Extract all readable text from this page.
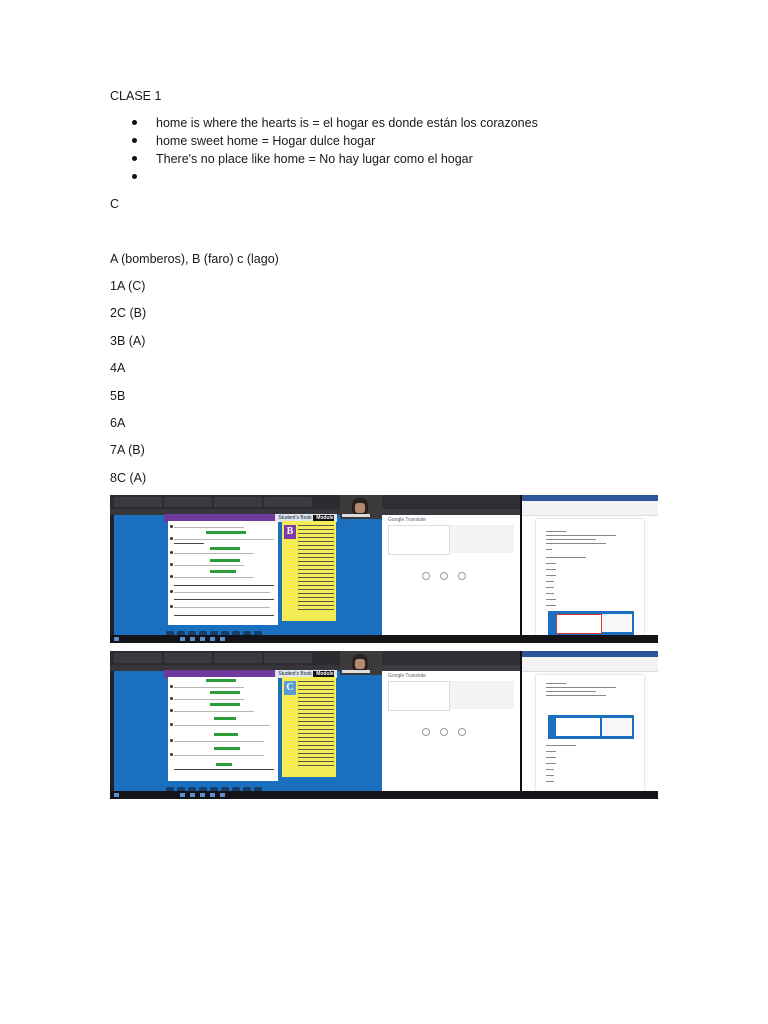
CLASE 1
home is where the hearts is = el hogar es donde están los corazones
home sweet home = Hogar dulce hogar
There's no place like home = No hay lugar como el hogar
C
A (bomberos), B (faro) c (lago)
1A (C)
2C (B)
3B (A)
4A
5B
6A
7A (B)
8C (A)
Student's Book Module
B
Google Translate
Student's Book Module
C
Google Translate
